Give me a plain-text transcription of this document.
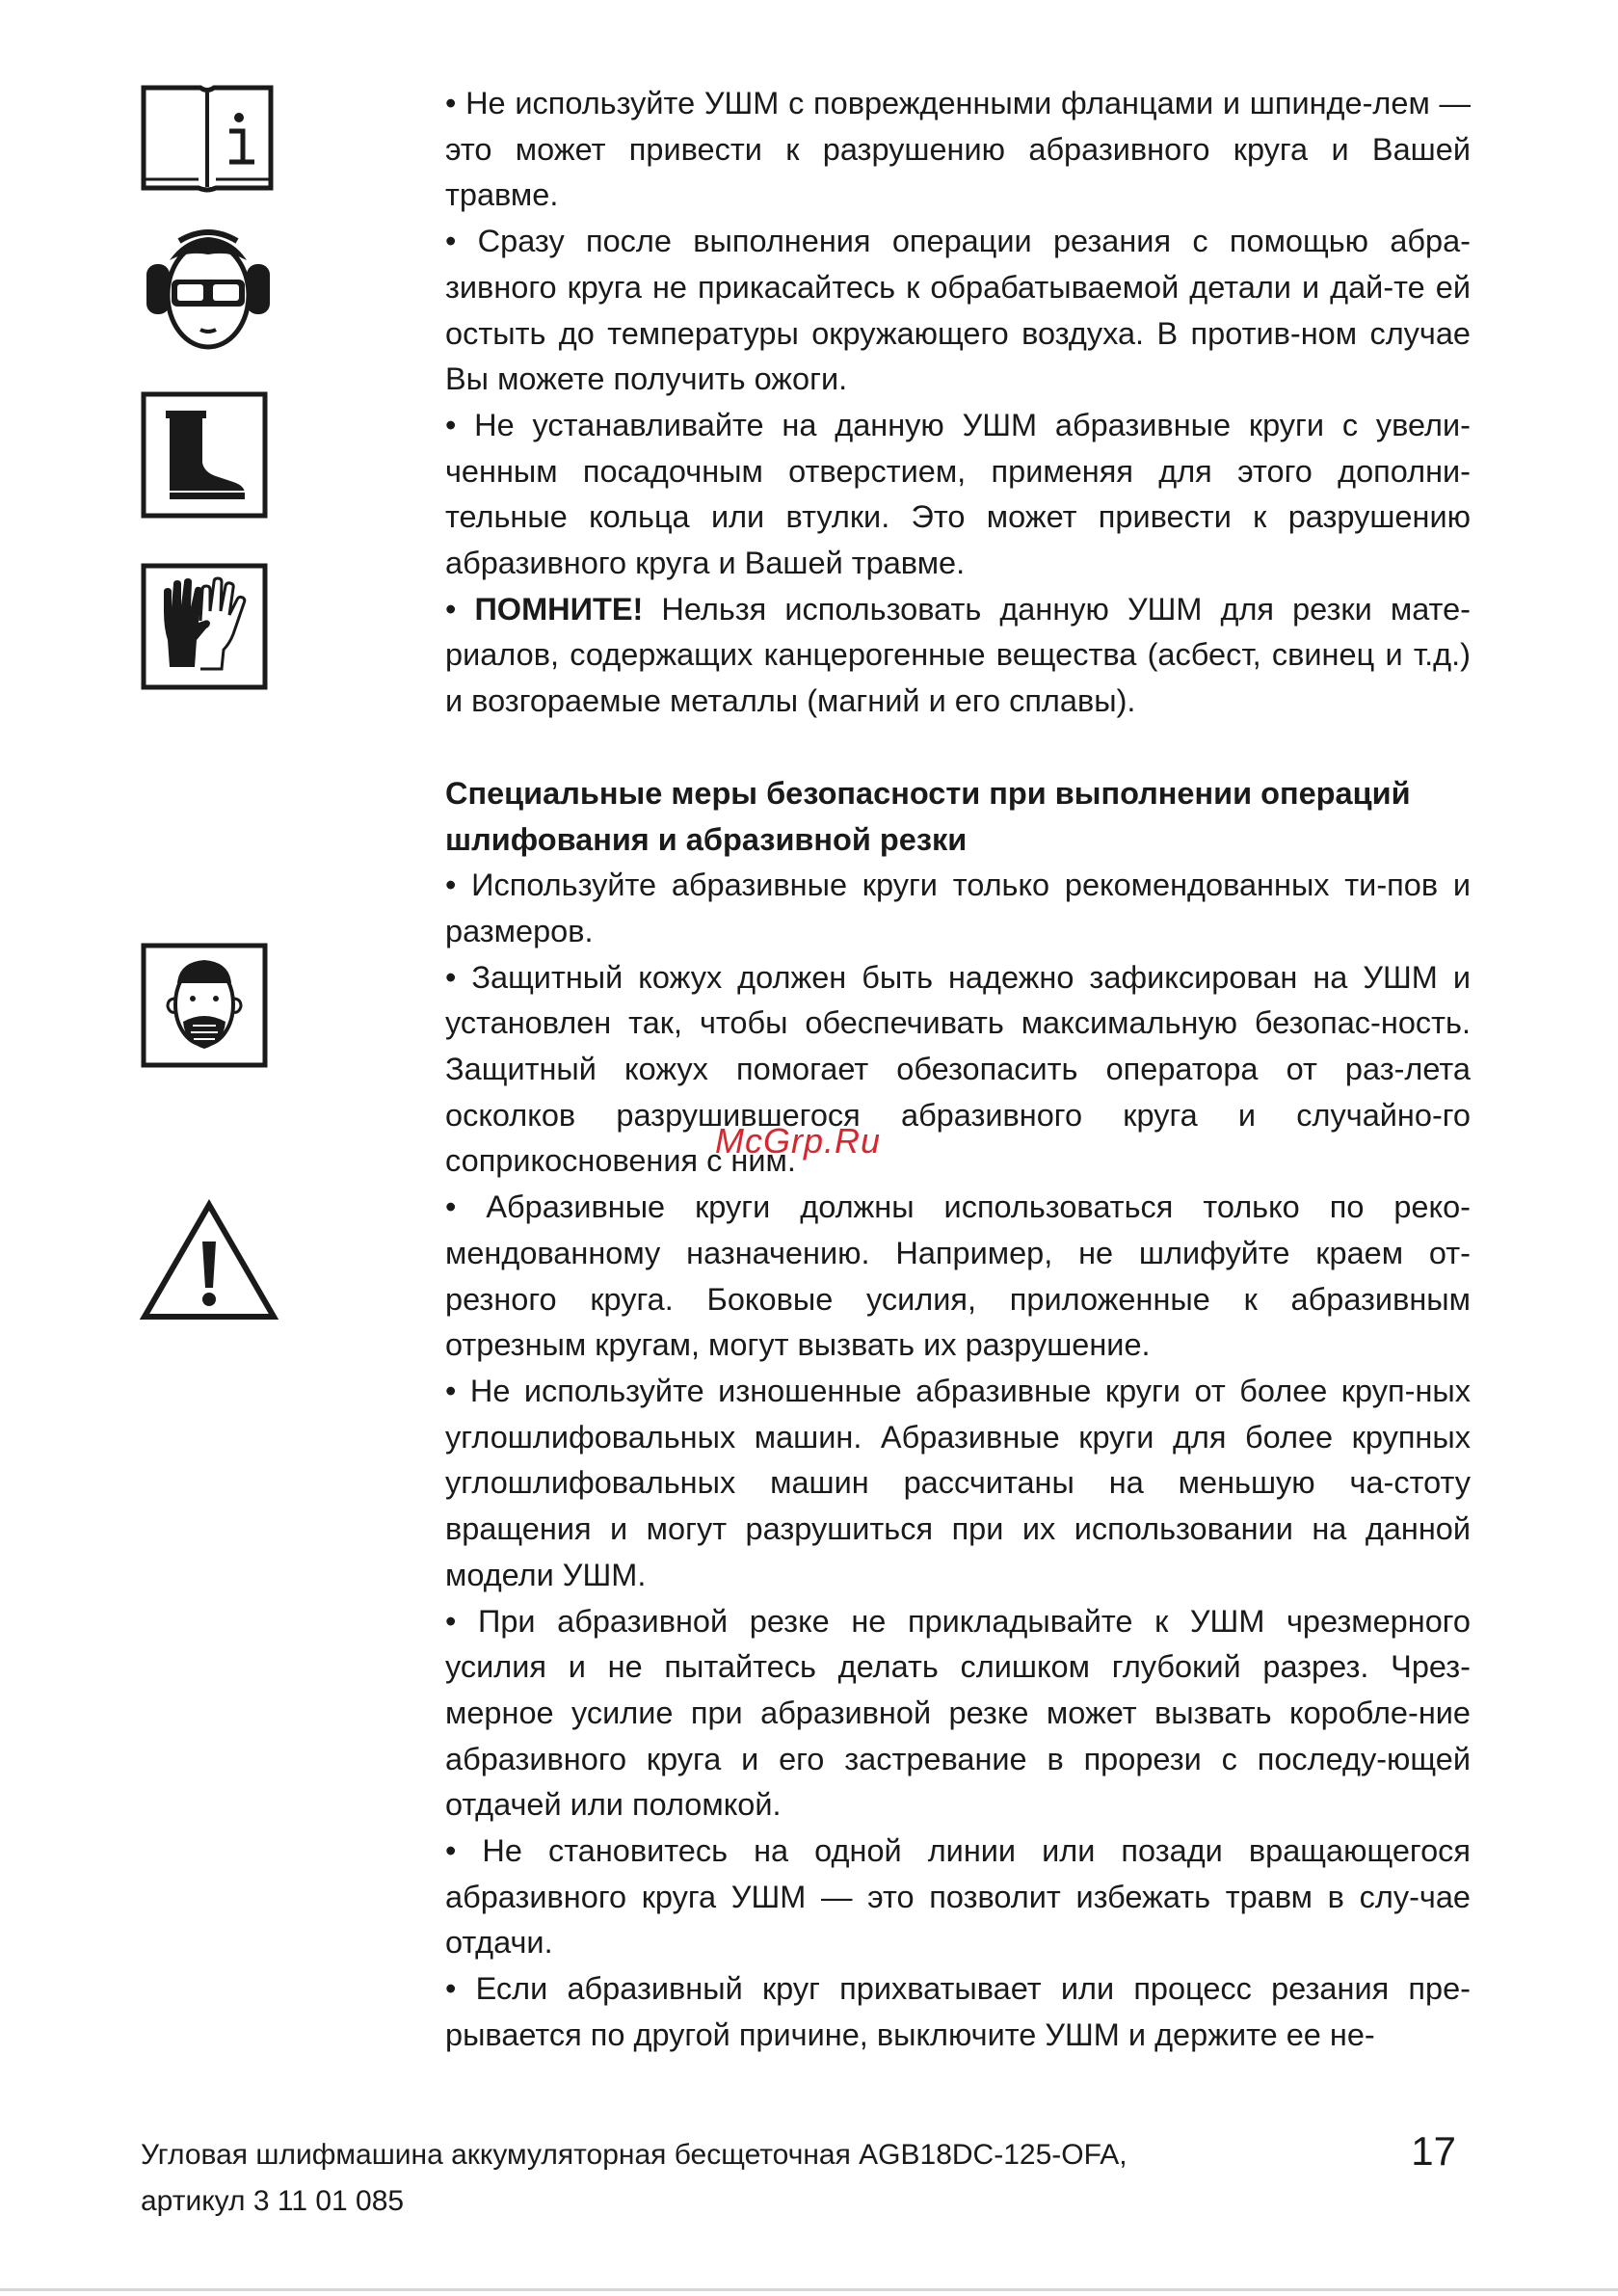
• Не используйте УШМ с поврежденными фланцами и шпинде-лем — это может привести к разрушению абразивного круга и Вашей травме.

• Сразу после выполнения операции резания с помощью абра-зивного круга не прикасайтесь к обрабатываемой детали и дай-те ей остыть до температуры окружающего воздуха. В против-ном случае Вы можете получить ожоги.

• Не устанавливайте на данную УШМ абразивные круги с увели-ченным посадочным отверстием, применяя для этого дополни-тельные кольца или втулки. Это может привести к разрушению абразивного круга и Вашей травме.

• ПОМНИТЕ! Нельзя использовать данную УШМ для резки мате-риалов, содержащих канцерогенные вещества (асбест, свинец и т.д.) и возгораемые металлы (магний и его сплавы).

Специальные меры безопасности при выполнении операций шлифования и абразивной резки

• Используйте абразивные круги только рекомендованных ти-пов и размеров.

• Защитный кожух должен быть надежно зафиксирован на УШМ и установлен так, чтобы обеспечивать максимальную безопас-ность. Защитный кожух помогает обезопасить оператора от раз-лета осколков разрушившегося абразивного круга и случайно-го соприкосновения с ним.

• Абразивные круги должны использоваться только по реко-мендованному назначению. Например, не шлифуйте краем от-резного круга. Боковые усилия, приложенные к абразивным отрезным кругам, могут вызвать их разрушение.

• Не используйте изношенные абразивные круги от более круп-ных углошлифовальных машин. Абразивные круги для более крупных углошлифовальных машин рассчитаны на меньшую ча-стоту вращения и могут разрушиться при их использовании на данной модели УШМ.

• При абразивной резке не прикладывайте к УШМ чрезмерного усилия и не пытайтесь делать слишком глубокий разрез. Чрез-мерное усилие при абразивной резке может вызвать коробле-ние абразивного круга и его застревание в прорези с последу-ющей отдачей или поломкой.

• Не становитесь на одной линии или позади вращающегося абразивного круга УШМ — это позволит избежать травм в слу-чае отдачи.

• Если абразивный круг прихватывает или процесс резания пре-рывается по другой причине, выключите УШМ и держите ее не-

McGrp.Ru
Угловая шлифмашина аккумуляторная бесщеточная AGB18DC-125-OFA,
артикул 3 11 01 085
17
